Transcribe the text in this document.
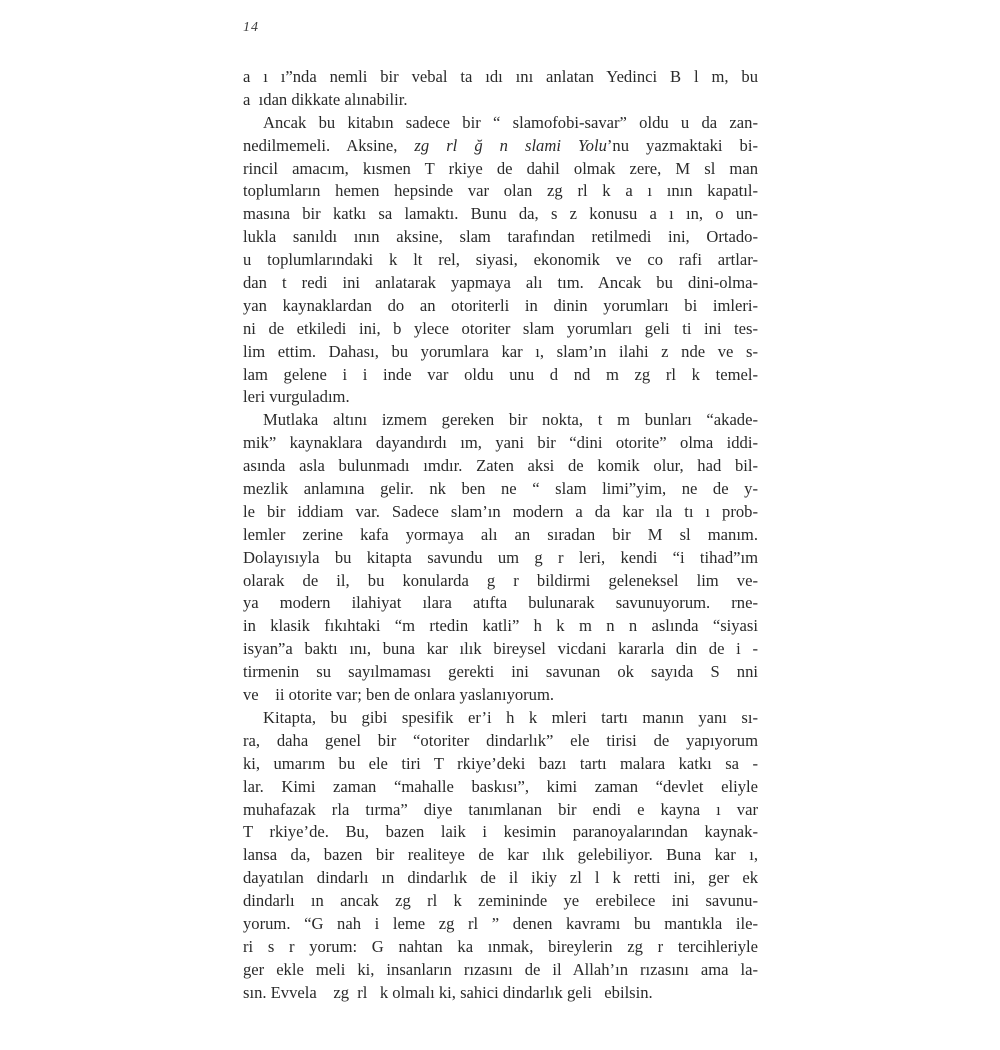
14
a ı ı”nda nemli bir vebal ta ıdı ını anlatan Yedinci B l m, bu
a  ıdan dikkate alınabilir.
Ancak bu kitabın sadece bir “ slamofobi-savar” oldu u da zan-
nedilmemeli. Aksine, zg rl ğ n slami Yolu’nu yazmaktaki bi-
rincil amacım, kısmen T rkiye de dahil olmak zere, M sl man
toplumların hemen hepsinde var olan zg rl k a ı ının kapatıl-
masına bir katkı sa lamaktı. Bunu da, s z konusu a ı ın, o un-
lukla sanıldı ının aksine, slam tarafından retilmedi ini, Ortado-
u toplumlarındaki k lt rel, siyasi, ekonomik ve co rafi artlar-
dan t redi ini anlatarak yapmaya alı tım. Ancak bu dini-olma-
yan kaynaklardan do an otoriterli in dinin yorumları bi imleri-
ni de etkiledi ini, b ylece otoriter slam yorumları geli ti ini tes-
lim ettim. Dahası, bu yorumlara kar ı, slam’ın ilahi z nde ve s-
lam gelene i i inde var oldu unu d nd m zg rl k temel-
leri vurguladım.
Mutlaka altını izmem gereken bir nokta, t m bunları “akade-
mik” kaynaklara dayandırdı ım, yani bir “dini otorite” olma iddi-
asında asla bulunmadı ımdır. Zaten aksi de komik olur, had bil-
mezlik anlamına gelir. nk ben ne “ slam limi”yim, ne de y-
le bir iddiam var. Sadece slam’ın modern a da kar ıla tı ı prob-
lemler zerine kafa yormaya alı an sıradan bir M sl manım.
Dolayısıyla bu kitapta savundu um g r leri, kendi “i tihad”ım
olarak de il, bu konularda g r bildirmi geleneksel lim ve-
ya modern ilahiyat ılara atıfta bulunarak savunuyorum. rne-
in klasik fıkıhtaki “m rtedin katli” h k m n n aslında “siyasi
isyan”a baktı ını, buna kar ılık bireysel vicdani kararla din de i -
tirmenin su sayılmaması gerekti ini savunan ok sayıda S nni
ve    ii otorite var; ben de onlara yaslanıyorum.
Kitapta, bu gibi spesifik er’i h k mleri tartı manın yanı sı-
ra, daha genel bir “otoriter dindarlık” ele tirisi de yapıyorum
ki, umarım bu ele tiri T rkiye’deki bazı tartı malara katkı sa -
lar. Kimi zaman “mahalle baskısı”, kimi zaman “devlet eliyle
muhafazak rla tırma” diye tanımlanan bir endi e kayna ı var
T rkiye’de. Bu, bazen laik i kesimin paranoyalarından kaynak-
lansa da, bazen bir realiteye de kar ılık gelebiliyor. Buna kar ı,
dayatılan dindarlı ın dindarlık de il ikiy zl l k retti ini, ger ek
dindarlı ın ancak zg rl k zemininde ye erebilece ini savunu-
yorum. “G nah i leme zg rl ” denen kavramı bu mantıkla ile-
ri s r yorum: G nahtan ka ınmak, bireylerin zg r tercihleriyle
ger ekle meli ki, insanların rızasını de il Allah’ın rızasını ama la-
sın. Evvela    zg  rl   k olmalı ki, sahici dindarlık geli   ebilsin.
